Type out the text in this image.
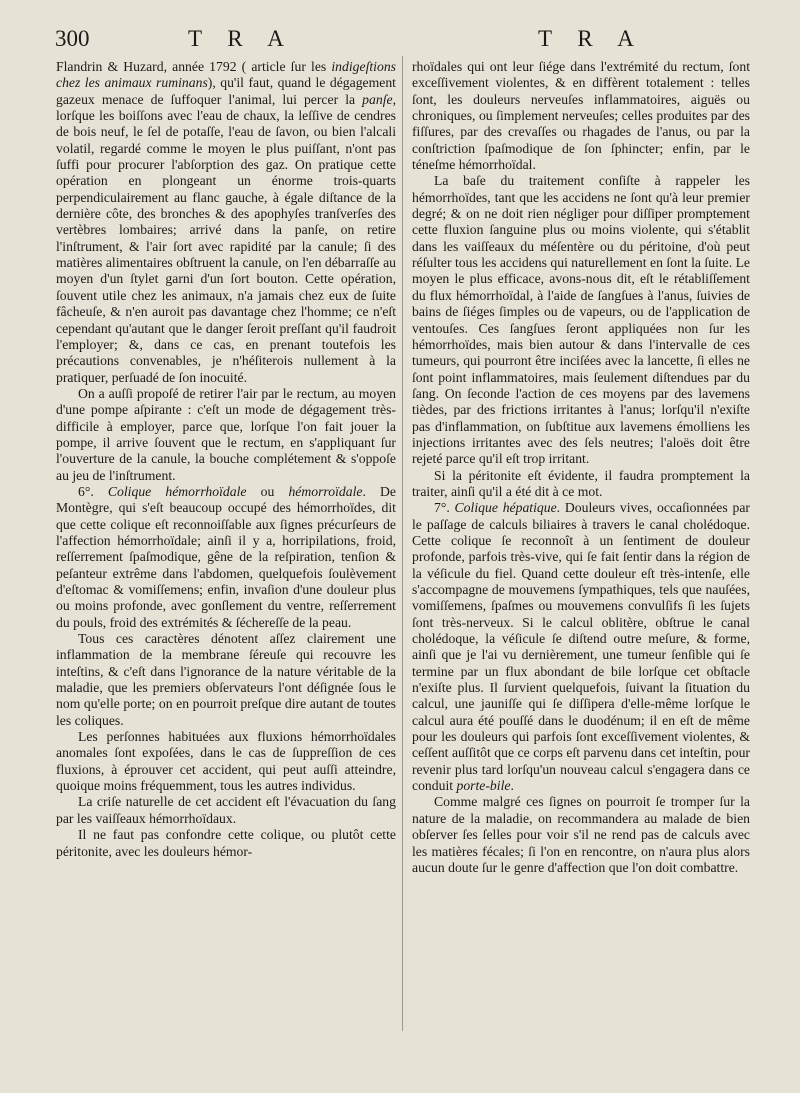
300	T R A	T R A

Flandrin & Huzard, année 1792 ( article ſur les indigeſtions chez les animaux ruminans), qu'il faut, quand le dégagement gazeux menace de ſuffoquer l'animal, lui percer la panſe, lorſque les boiſſons avec l'eau de chaux, la leſſive de cendres de bois neuf, le ſel de potaſſe, l'eau de ſavon, ou bien l'alcali volatil, regardé comme le moyen le plus puiſſant, n'ont pas ſuffi pour procurer l'abſorption des gaz. On pratique cette opération en plongeant un énorme trois-quarts perpendiculairement au flanc gauche, à égale diſtance de la dernière côte, des bronches & des apophyſes tranſverſes des vertèbres lombaires; arrivé dans la panſe, on retire l'inſtrument, & l'air ſort avec rapidité par la canule; ſi des matières alimentaires obſtruent la canule, on l'en débarraſſe au moyen d'un ſtylet garni d'un ſort bouton. Cette opération, ſouvent utile chez les animaux, n'a jamais chez eux de ſuite fâcheuſe, & n'en auroit pas davantage chez l'homme; ce n'eſt cependant qu'autant que le danger ſeroit preſſant qu'il faudroit l'employer; &, dans ce cas, en prenant toutefois les précautions convenables, je n'héſiterois nullement à la pratiquer, perſuadé de ſon inocuité.

On a auſſi propoſé de retirer l'air par le rectum, au moyen d'une pompe aſpirante : c'eſt un mode de dégagement très-difficile à employer, parce que, lorſque l'on fait jouer la pompe, il arrive ſouvent que le rectum, en s'appliquant ſur l'ouverture de la canule, la bouche complétement & s'oppoſe au jeu de l'inſtrument.

6°. Colique hémorrhoïdale ou hémorroïdale. De Montègre, qui s'eſt beaucoup occupé des hémorrhoïdes, dit que cette colique eſt reconnoiſſable aux ſignes précurſeurs de l'affection hémorrhoïdale; ainſi il y a, horripilations, froid, reſſerrement ſpaſmodique, gêne de la reſpiration, tenſion & peſanteur extrême dans l'abdomen, quelquefois ſoulèvement d'eſtomac & vomiſſemens; enfin, invaſion d'une douleur plus ou moins profonde, avec gonſlement du ventre, reſſerrement du pouls, froid des extrémités & ſéchereſſe de la peau.

Tous ces caractères dénotent aſſez clairement une inflammation de la membrane ſéreuſe qui recouvre les inteſtins, & c'eſt dans l'ignorance de la nature véritable de la maladie, que les premiers obſervateurs l'ont déſignée ſous le nom qu'elle porte; on en pourroit preſque dire autant de toutes les coliques.

Les perſonnes habituées aux fluxions hémorrhoïdales anomales ſont expoſées, dans le cas de ſuppreſſion de ces fluxions, à éprouver cet accident, qui peut auſſi atteindre, quoique moins fréquemment, tous les autres individus.

La criſe naturelle de cet accident eſt l'évacuation du ſang par les vaiſſeaux hémorrhoïdaux.

Il ne faut pas confondre cette colique, ou plutôt cette péritonite, avec les douleurs hémor-

rhoïdales qui ont leur ſiége dans l'extrémité du rectum, ſont exceſſivement violentes, & en diffèrent totalement : telles ſont, les douleurs nerveuſes inflammatoires, aiguës ou chroniques, ou ſimplement nerveuſes; celles produites par des fiſſures, par des crevaſſes ou rhagades de l'anus, ou par la conſtriction ſpaſmodique de ſon ſphincter; enfin, par le téneſme hémorrhoïdal.

La baſe du traitement conſiſte à rappeler les hémorrhoïdes, tant que les accidens ne ſont qu'à leur premier degré; & on ne doit rien négliger pour diſſiper promptement cette fluxion ſanguine plus ou moins violente, qui s'établit dans les vaiſſeaux du méſentère ou du péritoine, d'où peut réſulter tous les accidens qui naturellement en ſont la ſuite. Le moyen le plus efficace, avons-nous dit, eſt le rétabliſſement du flux hémorrhoïdal, à l'aide de ſangſues à l'anus, ſuivies de bains de ſiéges ſimples ou de vapeurs, ou de l'application de ventouſes. Ces ſangſues ſeront appliquées non ſur les hémorrhoïdes, mais bien autour & dans l'intervalle de ces tumeurs, qui pourront être inciſées avec la lancette, ſi elles ne ſont point inflammatoires, mais ſeulement diſtendues par du ſang. On ſeconde l'action de ces moyens par des lavemens tièdes, par des frictions irritantes à l'anus; lorſqu'il n'exiſte pas d'inflammation, on ſubſtitue aux lavemens émolliens les injections irritantes avec des ſels neutres; l'aloës doit être rejeté parce qu'il eſt trop irritant.

Si la péritonite eſt évidente, il faudra promptement la traiter, ainſi qu'il a été dit à ce mot.

7°. Colique hépatique. Douleurs vives, occaſionnées par le paſſage de calculs biliaires à travers le canal cholédoque. Cette colique ſe reconnoît à un ſentiment de douleur profonde, parfois très-vive, qui ſe fait ſentir dans la région de la véſicule du fiel. Quand cette douleur eſt très-intenſe, elle s'accompagne de mouvemens ſympathiques, tels que nauſées, vomiſſemens, ſpaſmes ou mouvemens convulſifs ſi les ſujets ſont très-nerveux. Si le calcul oblitère, obſtrue le canal cholédoque, la véſicule ſe diſtend outre meſure, & forme, ainſi que je l'ai vu dernièrement, une tumeur ſenſible qui ſe termine par un flux abondant de bile lorſque cet obſtacle n'exiſte plus. Il ſurvient quelquefois, ſuivant la ſituation du calcul, une jauniſſe qui ſe diſſipera d'elle-même lorſque le calcul aura été pouſſé dans le duodénum; il en eſt de même pour les douleurs qui parfois ſont exceſſivement violentes, & ceſſent auſſitôt que ce corps eſt parvenu dans cet inteſtin, pour revenir plus tard lorſqu'un nouveau calcul s'engagera dans ce conduit porte-bile.

Comme malgré ces ſignes on pourroit ſe tromper ſur la nature de la maladie, on recommandera au malade de bien obſerver ſes ſelles pour voir s'il ne rend pas de calculs avec les matières fécales; ſi l'on en rencontre, on n'aura plus alors aucun doute ſur le genre d'affection que l'on doit combattre.
